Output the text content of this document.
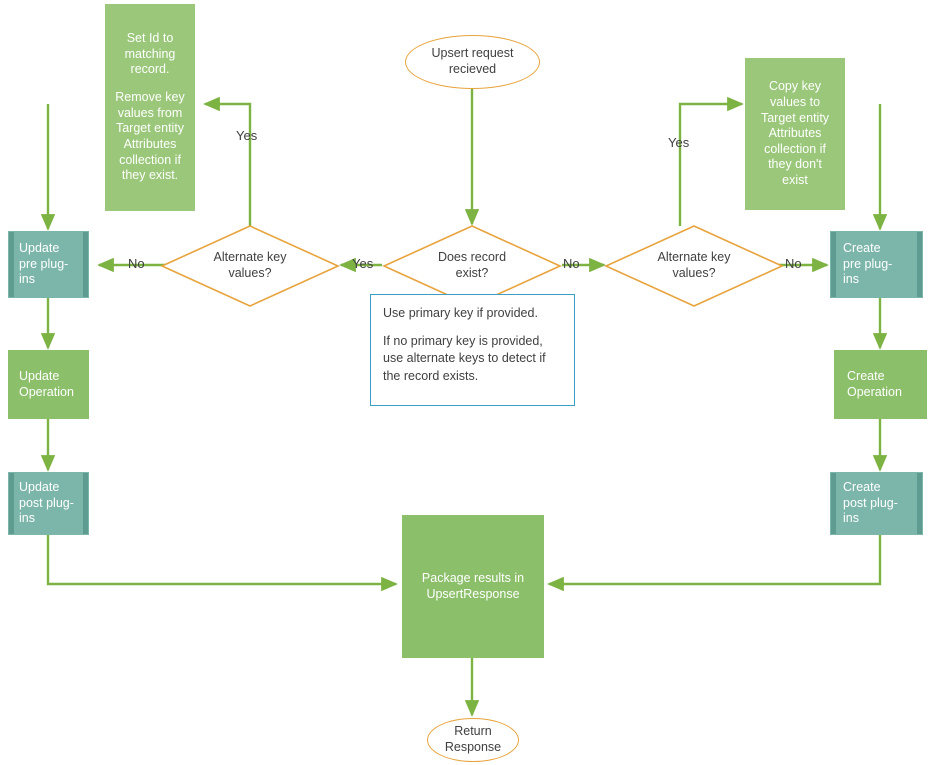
Set Id to
matching
record.
Remove key
values from
Target entity
Attributes
collection if
they exist.
Copy key
values to
Target entity
Attributes
collection if
they don't
exist
Upsert request
recieved
Does record
exist?
Alternate key
values?
Alternate key
values?

Use primary key if provided.

If no primary key is provided, use alternate keys to detect if the record exists.

Update
pre plug-
ins
Update
Operation
Update
post plug-
ins
Create
pre plug-
ins
Create
Operation
Create
post plug-
ins
Package results in
UpsertResponse
Return
Response
Yes
Yes
No	No
Yes
No
